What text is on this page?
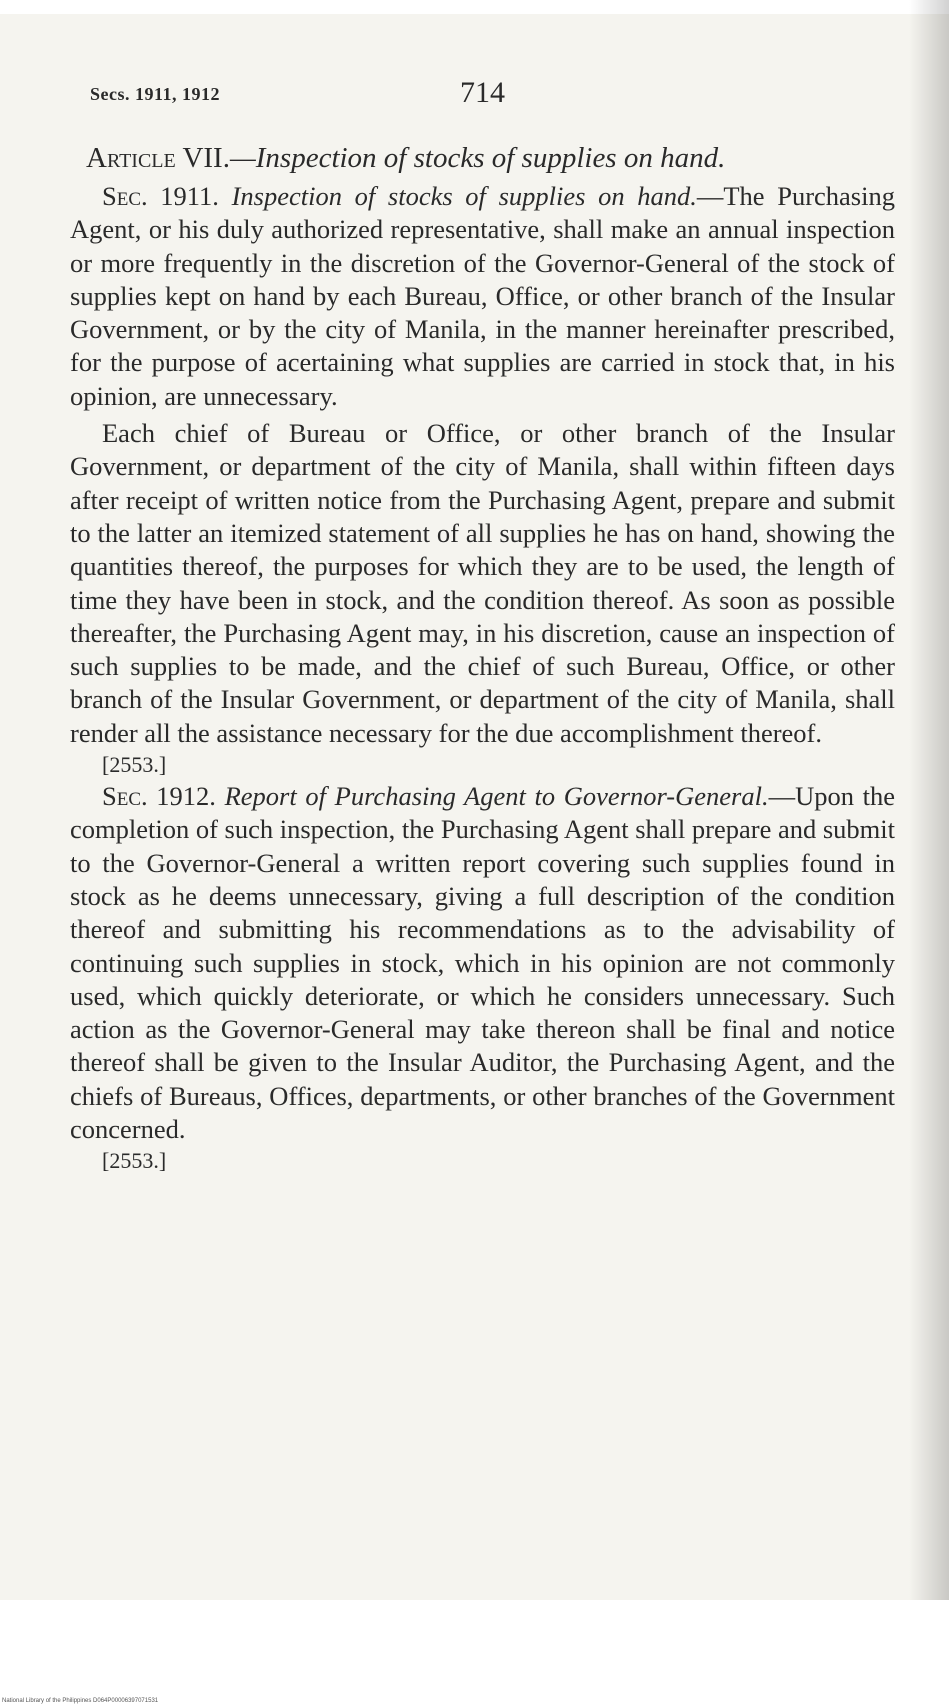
Secs. 1911, 1912	714
Article VII.—Inspection of stocks of supplies on hand.

Sec. 1911. Inspection of stocks of supplies on hand.—The Purchasing Agent, or his duly authorized representative, shall make an annual inspection or more frequently in the discretion of the Governor-General of the stock of supplies kept on hand by each Bureau, Office, or other branch of the Insular Government, or by the city of Manila, in the manner hereinafter prescribed, for the purpose of acertaining what supplies are carried in stock that, in his opinion, are unnecessary.

Each chief of Bureau or Office, or other branch of the Insular Government, or department of the city of Manila, shall within fifteen days after receipt of written notice from the Purchasing Agent, prepare and submit to the latter an itemized statement of all supplies he has on hand, showing the quantities thereof, the purposes for which they are to be used, the length of time they have been in stock, and the condition thereof. As soon as possible thereafter, the Purchasing Agent may, in his discretion, cause an inspection of such supplies to be made, and the chief of such Bureau, Office, or other branch of the Insular Government, or department of the city of Manila, shall render all the assistance necessary for the due accomplishment thereof.

[2553.]

Sec. 1912. Report of Purchasing Agent to Governor-General.—Upon the completion of such inspection, the Purchasing Agent shall prepare and submit to the Governor-General a written report covering such supplies found in stock as he deems unnecessary, giving a full description of the condition thereof and submitting his recommendations as to the advisability of continuing such supplies in stock, which in his opinion are not commonly used, which quickly deteriorate, or which he considers unnecessary. Such action as the Governor-General may take thereon shall be final and notice thereof shall be given to the Insular Auditor, the Purchasing Agent, and the chiefs of Bureaus, Offices, departments, or other branches of the Government concerned.

[2553.]

National Library of the Philippines D064P00006397071531
